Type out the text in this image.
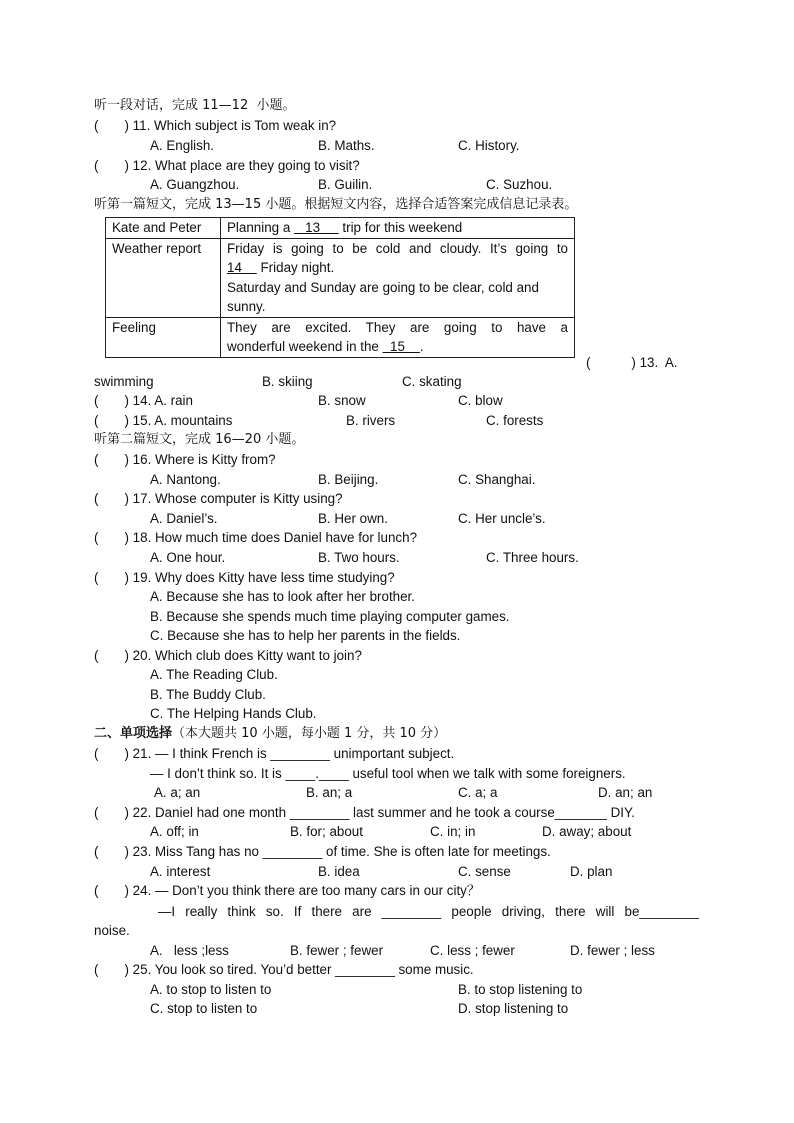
听一段对话，完成 11—12  小题。
(       ) 11. Which subject is Tom weak in?
A. English.	B. Maths.	C. History.
(       ) 12. What place are they going to visit?
A. Guangzhou.	B. Guilin.	C. Suzhou.
听第一篇短文，完成 13—15 小题。根据短文内容，选择合适答案完成信息记录表。
Kate and Peter	Planning a    13      trip for this weekend
Weather report	Friday is going to be cold and cloudy. It’s going to
14     Friday night.
Saturday and Sunday are going to be clear, cold and sunny.

Feeling	They are excited. They are going to have a
wonderful weekend in the   15    .
(           ) 13.  A.
swimming	B. skiing	C. skating
(       ) 14. A. rain	B. snow	C. blow
(       ) 15. A. mountains	B. rivers	C. forests
听第二篇短文，完成 16—20 小题。
(       ) 16. Where is Kitty from?
A. Nantong.	B. Beijing.	C. Shanghai.
(       ) 17. Whose computer is Kitty using?
A. Daniel’s.	B. Her own.	C. Her uncle’s.
(       ) 18. How much time does Daniel have for lunch?
A. One hour.	B. Two hours.	C. Three hours.
(       ) 19. Why does Kitty have less time studying?
A. Because she has to look after her brother.
B. Because she spends much time playing computer games.
C. Because she has to help her parents in the fields.
(       ) 20. Which club does Kitty want to join?
A. The Reading Club.
B. The Buddy Club.
C. The Helping Hands Club.
二、单项选择（本大题共 10 小题，每小题 1 分，共 10 分）
(       ) 21. — I think French is ________ unimportant subject.
— I don’t think so. It is ____.____ useful tool when we talk with some foreigners.
A. a; an	B. an; a	C. a; a	D. an; an
(       ) 22. Daniel had one month ________ last summer and he took a course_______ DIY.
A. off; in	B. for; about	C. in; in	D. away; about
(       ) 23. Miss Tang has no ________ of time. She is often late for meetings.
A. interest	B. idea	C. sense	D. plan
(       ) 24. — Don’t you think there are too many cars in our city？
—I really think so. If there are ________ people driving, there will be________
noise.
A.   less ;less	B. fewer ; fewer	C. less ; fewer	D. fewer ; less
(       ) 25. You look so tired. You’d better ________ some music.
A. to stop to listen to	B. to stop listening to
C. stop to listen to	D. stop listening to
